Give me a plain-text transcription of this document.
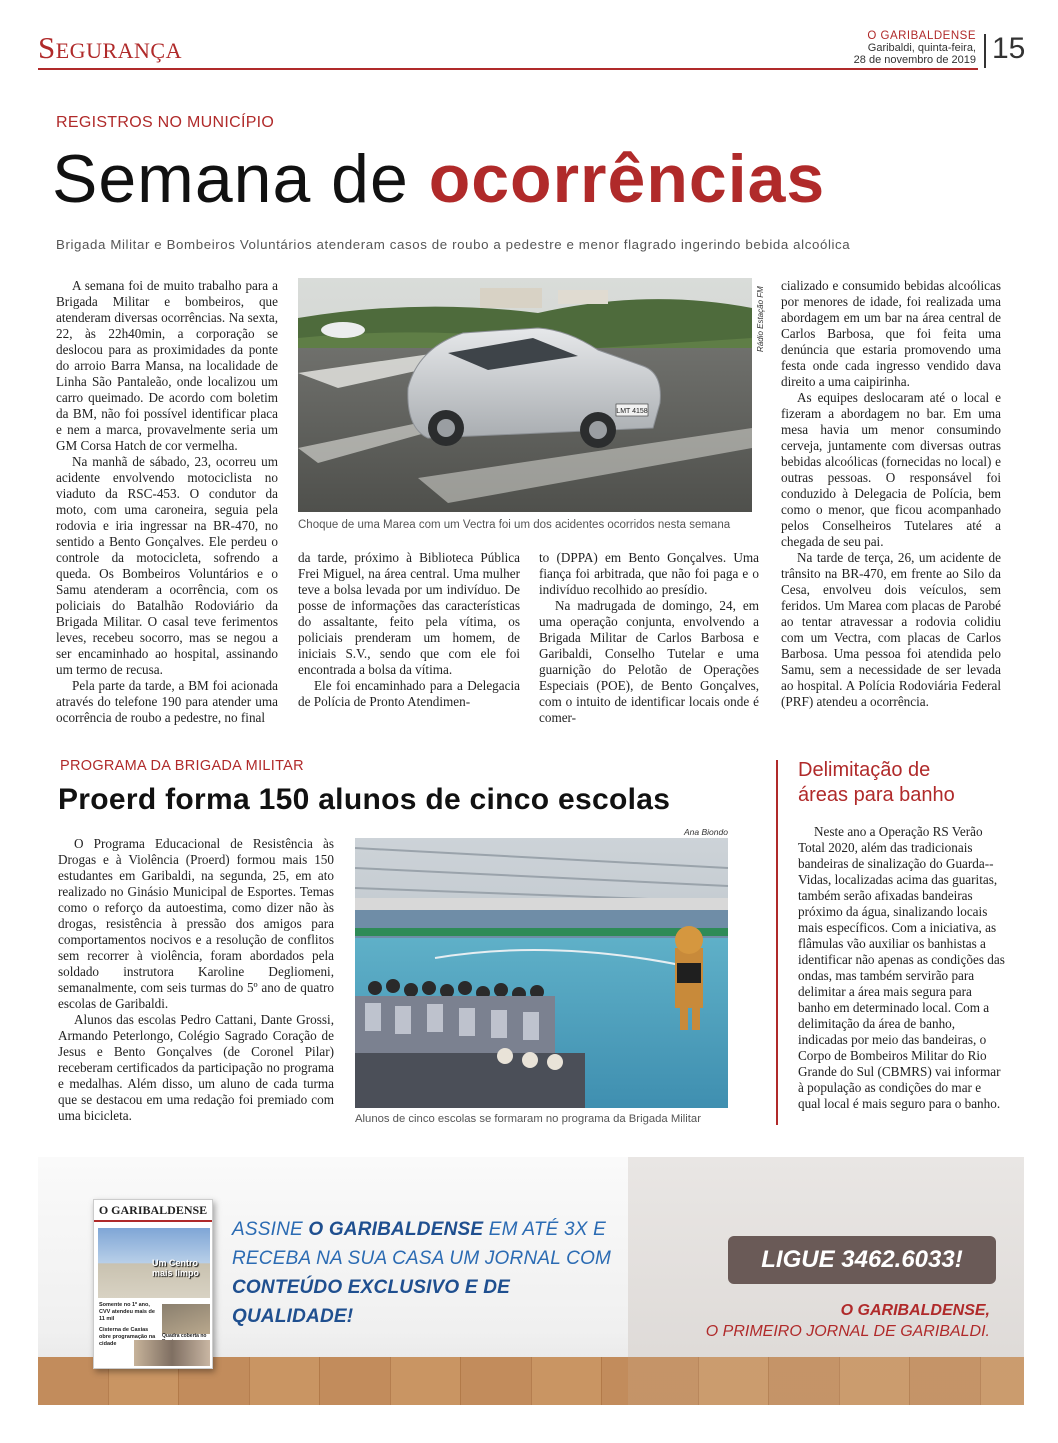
Segurança	O GARIBALDENSE
Garibaldi, quinta-feira,
28 de novembro de 2019 15
REGISTROS NO MUNICÍPIO
Semana de ocorrências
Brigada Militar e Bombeiros Voluntários atenderam casos de roubo a pedestre e menor flagrado ingerindo bebida alcoólica

A semana foi de muito trabalho para a Brigada Militar e bombeiros, que atenderam diversas ocorrências. Na sexta, 22, às 22h40min, a corporação se deslocou para as proximidades da ponte do arroio Barra Mansa, na localidade de Linha São Pantaleão, onde localizou um carro queimado. De acordo com boletim da BM, não foi possível identificar placa e nem a marca, provavelmente seria um GM Corsa Hatch de cor vermelha.

Na manhã de sábado, 23, ocorreu um acidente envolvendo motociclista no viaduto da RSC-453. O condutor da moto, com uma caroneira, seguia pela rodovia e iria ingressar na BR-470, no sentido a Bento Gonçalves. Ele perdeu o controle da motocicleta, sofrendo a queda. Os Bombeiros Voluntários e o Samu atenderam a ocorrência, com os policiais do Batalhão Rodoviário da Brigada Militar. O casal teve ferimentos leves, recebeu socorro, mas se negou a ser encaminhado ao hospital, assinando um termo de recusa.

Pela parte da tarde, a BM foi acionada através do telefone 190 para atender uma ocorrência de roubo a pedestre, no final

LMT 4158
Rádio Estação FM
Choque de uma Marea com um Vectra foi um dos acidentes ocorridos nesta semana

da tarde, próximo à Biblioteca Pública Frei Miguel, na área central. Uma mulher teve a bolsa levada por um indivíduo. De posse de informações das características do assaltante, feito pela vítima, os policiais prenderam um homem, de iniciais S.V., sendo que com ele foi encontrada a bolsa da vítima.

Ele foi encaminhado para a Delegacia de Polícia de Pronto Atendimen-

to (DPPA) em Bento Gonçalves. Uma fiança foi arbitrada, que não foi paga e o indivíduo recolhido ao presídio.

Na madrugada de domingo, 24, em uma operação conjunta, envolvendo a Brigada Militar de Carlos Barbosa e Garibaldi, Conselho Tutelar e uma guarnição do Pelotão de Operações Especiais (POE), de Bento Gonçalves, com o intuito de identificar locais onde é comer-

cializado e consumido bebidas alcoólicas por menores de idade, foi realizada uma abordagem em um bar na área central de Carlos Barbosa, que foi feita uma denúncia que estaria promovendo uma festa onde cada ingresso vendido dava direito a uma caipirinha.

As equipes deslocaram até o local e fizeram a abordagem no bar. Em uma mesa havia um menor consumindo cerveja, juntamente com diversas outras bebidas alcoólicas (fornecidas no local) e outras pessoas. O responsável foi conduzido à Delegacia de Polícia, bem como o menor, que ficou acompanhado pelos Conselheiros Tutelares até a chegada de seu pai.

Na tarde de terça, 26, um acidente de trânsito na BR-470, em frente ao Silo da Cesa, envolveu dois veículos, sem feridos. Um Marea com placas de Parobé ao tentar atravessar a rodovia colidiu com um Vectra, com placas de Carlos Barbosa. Uma pessoa foi atendida pelo Samu, sem a necessidade de ser levada ao hospital. A Polícia Rodoviária Federal (PRF) atendeu a ocorrência.

PROGRAMA DA BRIGADA MILITAR
Proerd forma 150 alunos de cinco escolas

O Programa Educacional de Resistência às Drogas e à Violência (Proerd) formou mais 150 estudantes em Garibaldi, na segunda, 25, em ato realizado no Ginásio Municipal de Esportes. Temas como o reforço da autoestima, como dizer não às drogas, resistência à pressão dos amigos para comportamentos nocivos e a resolução de conflitos sem recorrer à violência, foram abordados pela soldado instrutora Karoline Degliomeni, semanalmente, com seis turmas do 5º ano de quatro escolas de Garibaldi.

Alunos das escolas Pedro Cattani, Dante Grossi, Armando Peterlongo, Colégio Sagrado Coração de Jesus e Bento Gonçalves (de Coronel Pilar) receberam certificados da participação no programa e medalhas. Além disso, um aluno de cada turma que se destacou em uma redação foi premiado com uma bicicleta.

Ana Biondo
Alunos de cinco escolas se formaram no programa da Brigada Militar
Delimitação de
áreas para banho

Neste ano a Operação RS Verão Total 2020, além das tradicionais bandeiras de sinalização do Guarda--Vidas, localizadas acima das guaritas, também serão afixadas bandeiras próximo da água, sinalizando locais mais específicos. Com a iniciativa, as flâmulas vão auxiliar os banhistas a identificar não apenas as condições das ondas, mas também servirão para delimitar a área mais segura para banho em determinado local. Com a delimitação da área de banho, indicadas por meio das bandeiras, o Corpo de Bombeiros Militar do Rio Grande do Sul (CBMRS) vai informar à população as condições do mar e qual local é mais seguro para o banho.

O GARIBALDENSE
Um Centro mais limpo
Somente no 1º ano, CVV atendeu mais de 11 mil
Cisterna de Caxias obre programação na cidade
Quadra coberta no
ASSINE O GARIBALDENSE EM ATÉ 3X E
RECEBA NA SUA CASA UM JORNAL COM
CONTEÚDO EXCLUSIVO E DE QUALIDADE!
LIGUE 3462.6033!
O GARIBALDENSE,
O PRIMEIRO JORNAL DE GARIBALDI.
